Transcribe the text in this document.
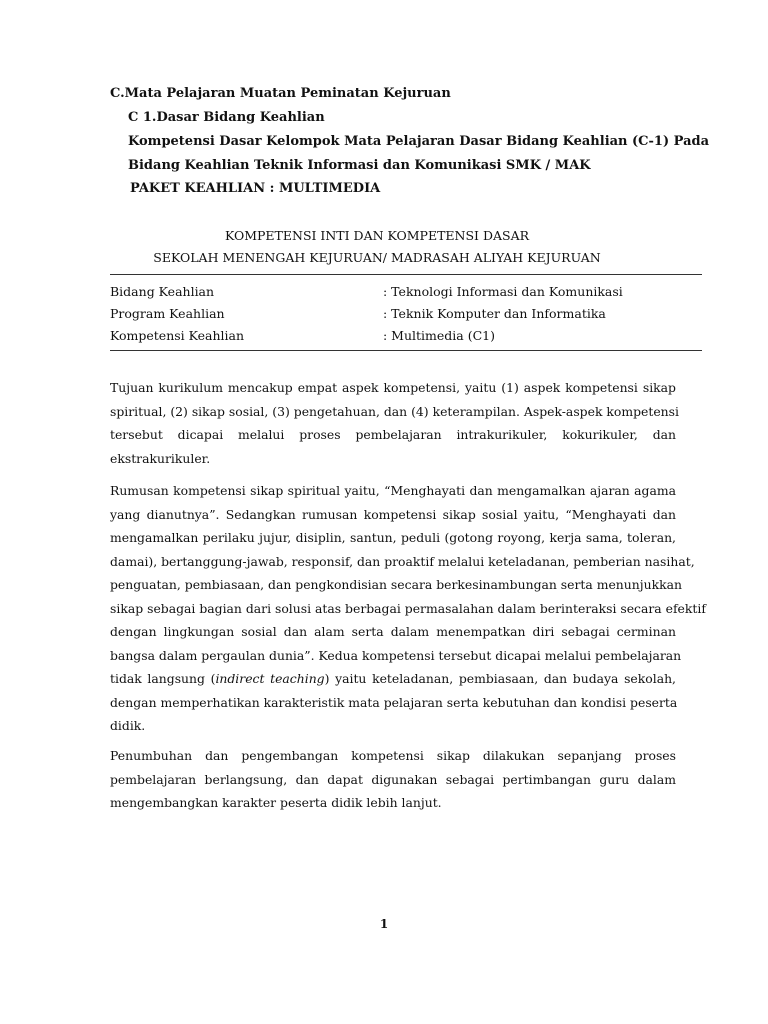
C.Mata Pelajaran Muatan Peminatan Kejuruan
C 1.Dasar Bidang Keahlian
Kompetensi Dasar Kelompok Mata Pelajaran Dasar Bidang Keahlian (C-1) Pada
Bidang Keahlian Teknik Informasi dan Komunikasi SMK / MAK
PAKET KEAHLIAN : MULTIMEDIA
KOMPETENSI INTI DAN KOMPETENSI DASAR
SEKOLAH MENENGAH KEJURUAN/ MADRASAH ALIYAH KEJURUAN
Bidang Keahlian	: Teknologi Informasi dan Komunikasi
Program Keahlian	: Teknik Komputer dan Informatika
Kompetensi Keahlian	: Multimedia (C1)

Tujuan kurikulum mencakup empat aspek kompetensi, yaitu (1) aspek kompetensi sikap
spiritual, (2) sikap sosial, (3) pengetahuan, dan (4) keterampilan. Aspek-aspek kompetensi
tersebut dicapai melalui proses pembelajaran intrakurikuler, kokurikuler, dan
ekstrakurikuler.

Rumusan kompetensi sikap spiritual yaitu, “Menghayati dan mengamalkan ajaran agama
yang dianutnya”. Sedangkan rumusan kompetensi sikap sosial yaitu, “Menghayati dan
mengamalkan perilaku jujur, disiplin, santun, peduli (gotong royong, kerja sama, toleran,
damai), bertanggung-jawab, responsif, dan proaktif melalui keteladanan, pemberian nasihat,
penguatan, pembiasaan, dan pengkondisian secara berkesinambungan serta menunjukkan
sikap sebagai bagian dari solusi atas berbagai permasalahan dalam berinteraksi secara efektif
dengan lingkungan sosial dan alam serta dalam menempatkan diri sebagai cerminan
bangsa dalam pergaulan dunia”. Kedua kompetensi tersebut dicapai melalui pembelajaran
tidak langsung (indirect teaching) yaitu keteladanan, pembiasaan, dan budaya sekolah,
dengan memperhatikan karakteristik mata pelajaran serta kebutuhan dan kondisi peserta
didik.

Penumbuhan dan pengembangan kompetensi sikap dilakukan sepanjang proses
pembelajaran berlangsung, dan dapat digunakan sebagai pertimbangan guru dalam
mengembangkan karakter peserta didik lebih lanjut.

1
